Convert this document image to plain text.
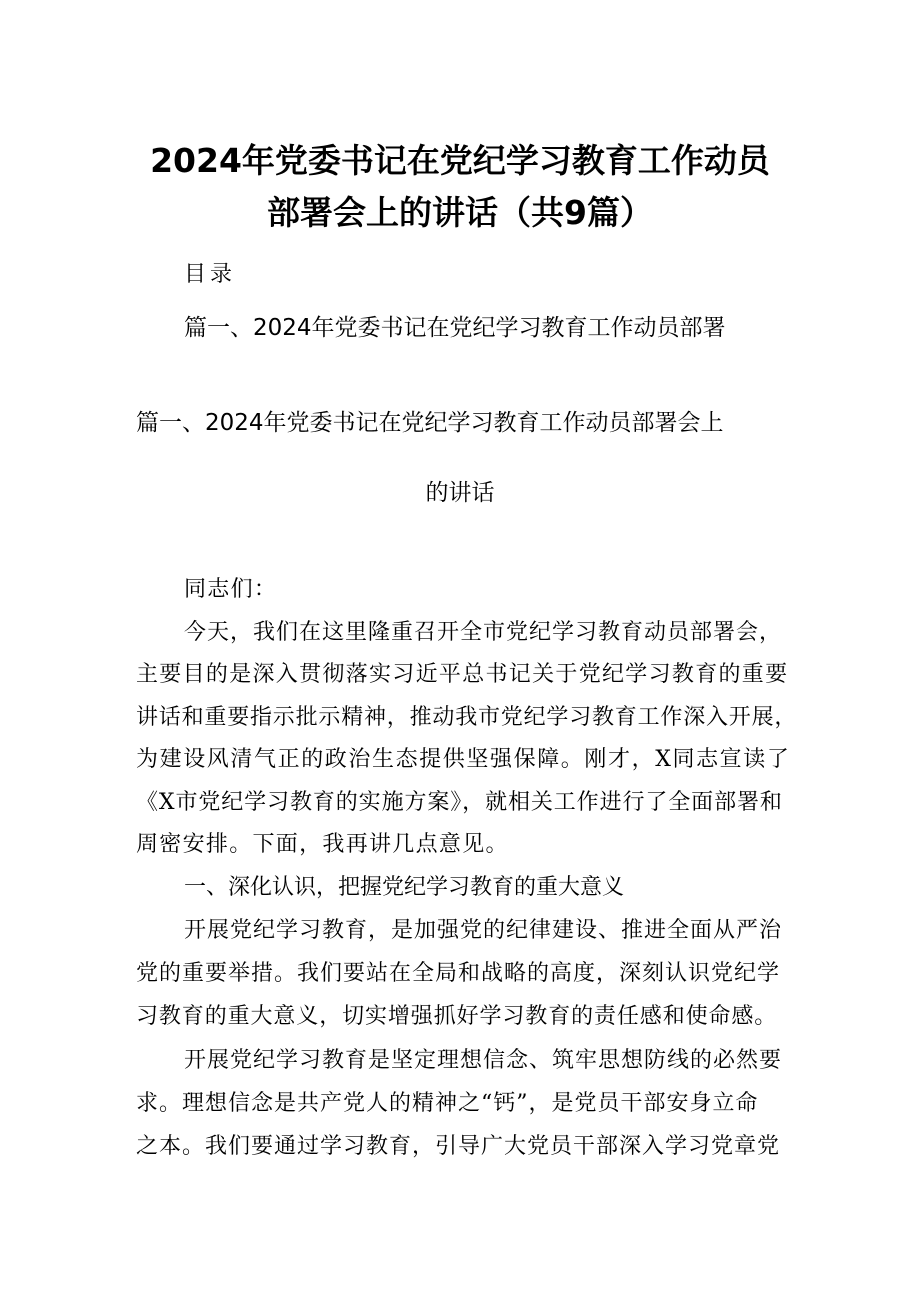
2024年党委书记在党纪学习教育工作动员
部署会上的讲话（共9篇）
目录
篇一、2024年党委书记在党纪学习教育工作动员部署
篇一、2024年党委书记在党纪学习教育工作动员部署会上
的讲话
同志们：
今天，我们在这里隆重召开全市党纪学习教育动员部署会，
主要目的是深入贯彻落实习近平总书记关于党纪学习教育的重要
讲话和重要指示批示精神，推动我市党纪学习教育工作深入开展，
为建设风清气正的政治生态提供坚强保障。刚才，X同志宣读了
《X市党纪学习教育的实施方案》，就相关工作进行了全面部署和
周密安排。下面，我再讲几点意见。
一、深化认识，把握党纪学习教育的重大意义
开展党纪学习教育，是加强党的纪律建设、推进全面从严治
党的重要举措。我们要站在全局和战略的高度，深刻认识党纪学
习教育的重大意义，切实增强抓好学习教育的责任感和使命感。
开展党纪学习教育是坚定理想信念、筑牢思想防线的必然要
求。理想信念是共产党人的精神之“钙”，是党员干部安身立命
之本。我们要通过学习教育，引导广大党员干部深入学习党章党
